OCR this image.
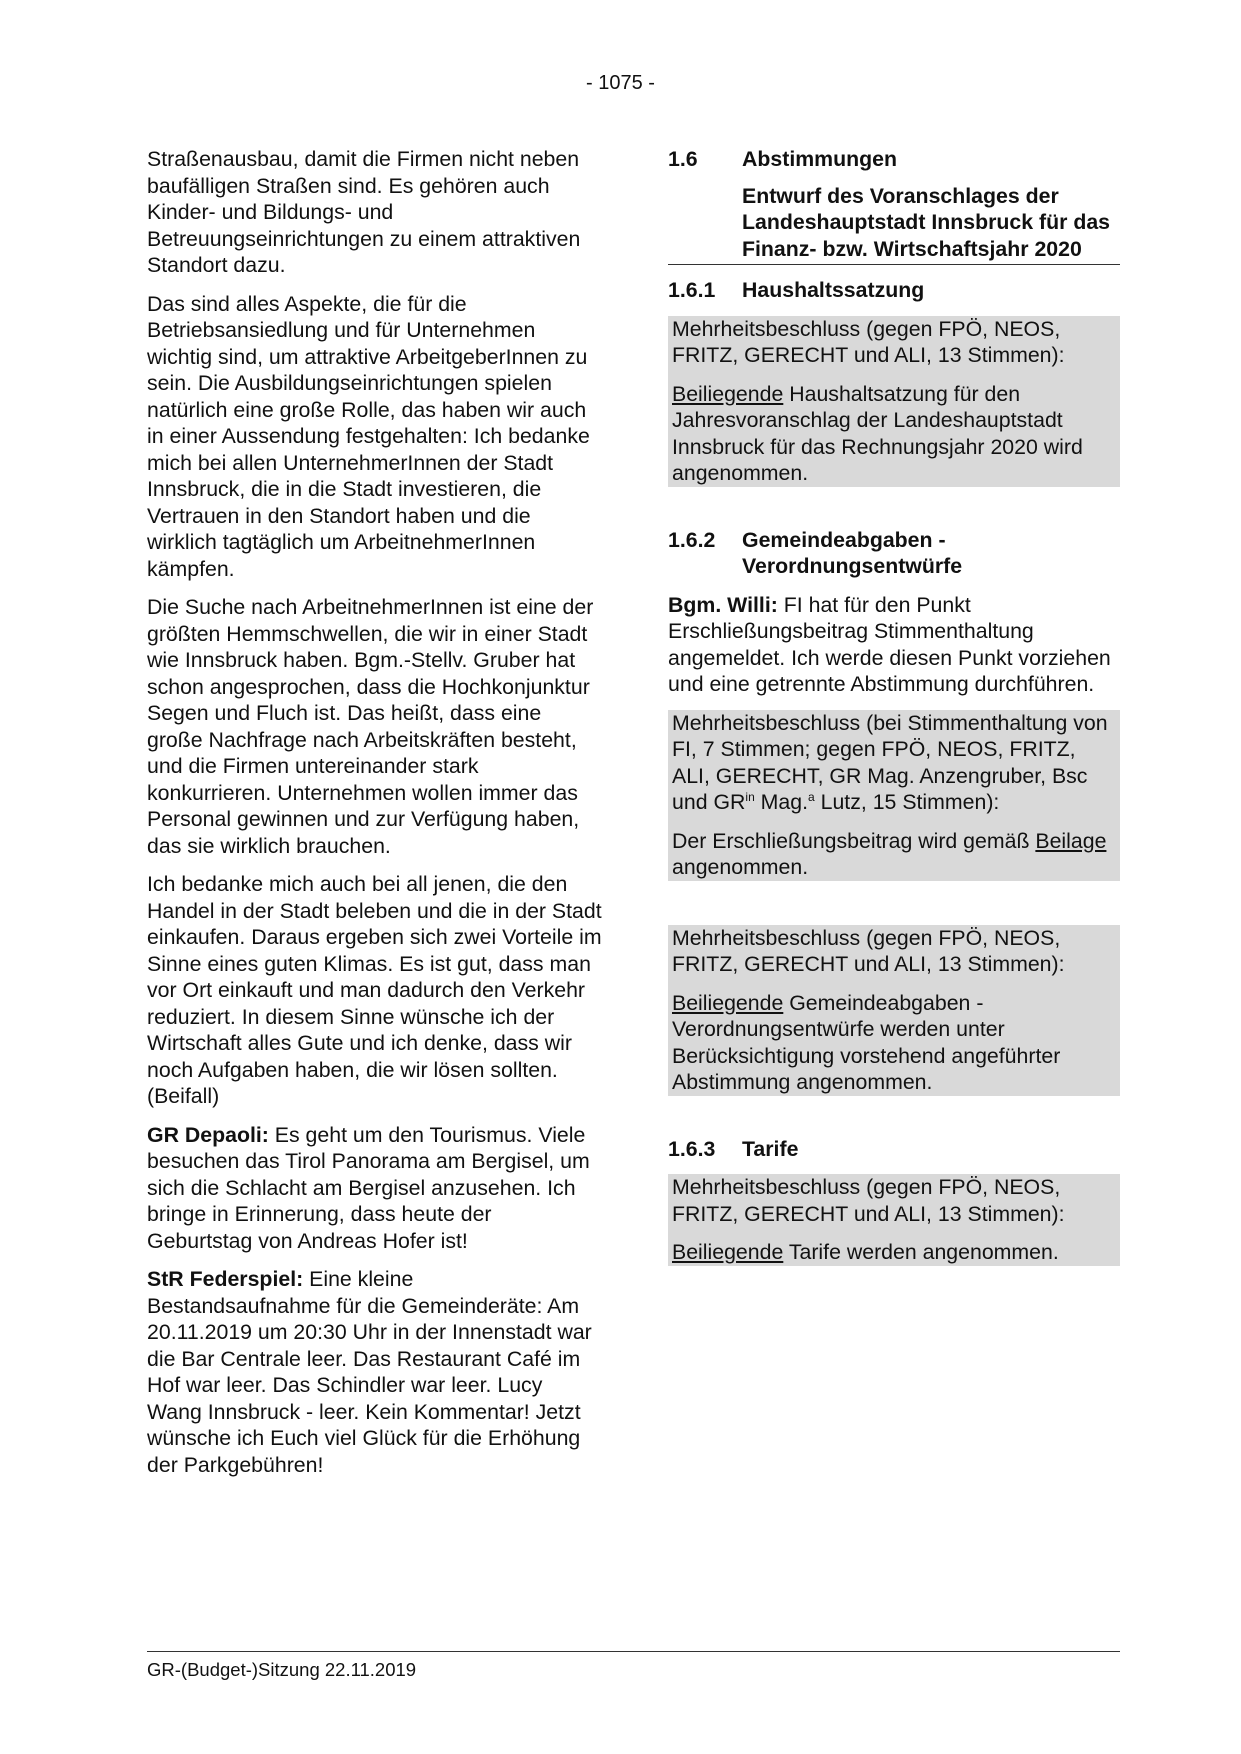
- 1075 -

Straßenausbau, damit die Firmen nicht neben baufälligen Straßen sind. Es gehören auch Kinder- und Bildungs- und Betreuungseinrichtungen zu einem attraktiven Standort dazu.

Das sind alles Aspekte, die für die Betriebsansiedlung und für Unternehmen wichtig sind, um attraktive ArbeitgeberInnen zu sein. Die Ausbildungseinrichtungen spielen natürlich eine große Rolle, das haben wir auch in einer Aussendung festgehalten: Ich bedanke mich bei allen UnternehmerInnen der Stadt Innsbruck, die in die Stadt investieren, die Vertrauen in den Standort haben und die wirklich tagtäglich um ArbeitnehmerInnen kämpfen.

Die Suche nach ArbeitnehmerInnen ist eine der größten Hemmschwellen, die wir in einer Stadt wie Innsbruck haben. Bgm.-Stellv. Gruber hat schon angesprochen, dass die Hochkonjunktur Segen und Fluch ist. Das heißt, dass eine große Nachfrage nach Arbeitskräften besteht, und die Firmen untereinander stark konkurrieren. Unternehmen wollen immer das Personal gewinnen und zur Verfügung haben, das sie wirklich brauchen.

Ich bedanke mich auch bei all jenen, die den Handel in der Stadt beleben und die in der Stadt einkaufen. Daraus ergeben sich zwei Vorteile im Sinne eines guten Klimas. Es ist gut, dass man vor Ort einkauft und man dadurch den Verkehr reduziert. In diesem Sinne wünsche ich der Wirtschaft alles Gute und ich denke, dass wir noch Aufgaben haben, die wir lösen sollten. (Beifall)

GR Depaoli: Es geht um den Tourismus. Viele besuchen das Tirol Panorama am Bergisel, um sich die Schlacht am Bergisel anzusehen. Ich bringe in Erinnerung, dass heute der Geburtstag von Andreas Hofer ist!

StR Federspiel: Eine kleine Bestandsaufnahme für die Gemeinderäte: Am 20.11.2019 um 20:30 Uhr in der Innenstadt war die Bar Centrale leer. Das Restaurant Café im Hof war leer. Das Schindler war leer. Lucy Wang Innsbruck - leer. Kein Kommentar! Jetzt wünsche ich Euch viel Glück für die Erhöhung der Parkgebühren!

1.6	Abstimmungen
Entwurf des Voranschlages der Landeshauptstadt Innsbruck für das Finanz- bzw. Wirtschaftsjahr 2020
1.6.1	Haushaltssatzung

Mehrheitsbeschluss (gegen FPÖ, NEOS, FRITZ, GERECHT und ALI, 13 Stimmen):

Beiliegende Haushaltsatzung für den Jahresvoranschlag der Landeshauptstadt Innsbruck für das Rechnungsjahr 2020 wird angenommen.

1.6.2	Gemeindeabgaben - Verordnungsentwürfe

Bgm. Willi: FI hat für den Punkt Erschließungsbeitrag Stimmenthaltung angemeldet. Ich werde diesen Punkt vorziehen und eine getrennte Abstimmung durchführen.

Mehrheitsbeschluss (bei Stimmenthaltung von FI, 7 Stimmen; gegen FPÖ, NEOS, FRITZ, ALI, GERECHT, GR Mag. Anzengruber, Bsc und $GR^{in}$ Mag.$^a$ Lutz, 15 Stimmen):

Der Erschließungsbeitrag wird gemäß Beilage angenommen.

Mehrheitsbeschluss (gegen FPÖ, NEOS, FRITZ, GERECHT und ALI, 13 Stimmen):

Beiliegende Gemeindeabgaben - Verordnungsentwürfe werden unter Berücksichtigung vorstehend angeführter Abstimmung angenommen.

1.6.3	Tarife

Mehrheitsbeschluss (gegen FPÖ, NEOS, FRITZ, GERECHT und ALI, 13 Stimmen):

Beiliegende Tarife werden angenommen.

GR-(Budget-)Sitzung 22.11.2019
